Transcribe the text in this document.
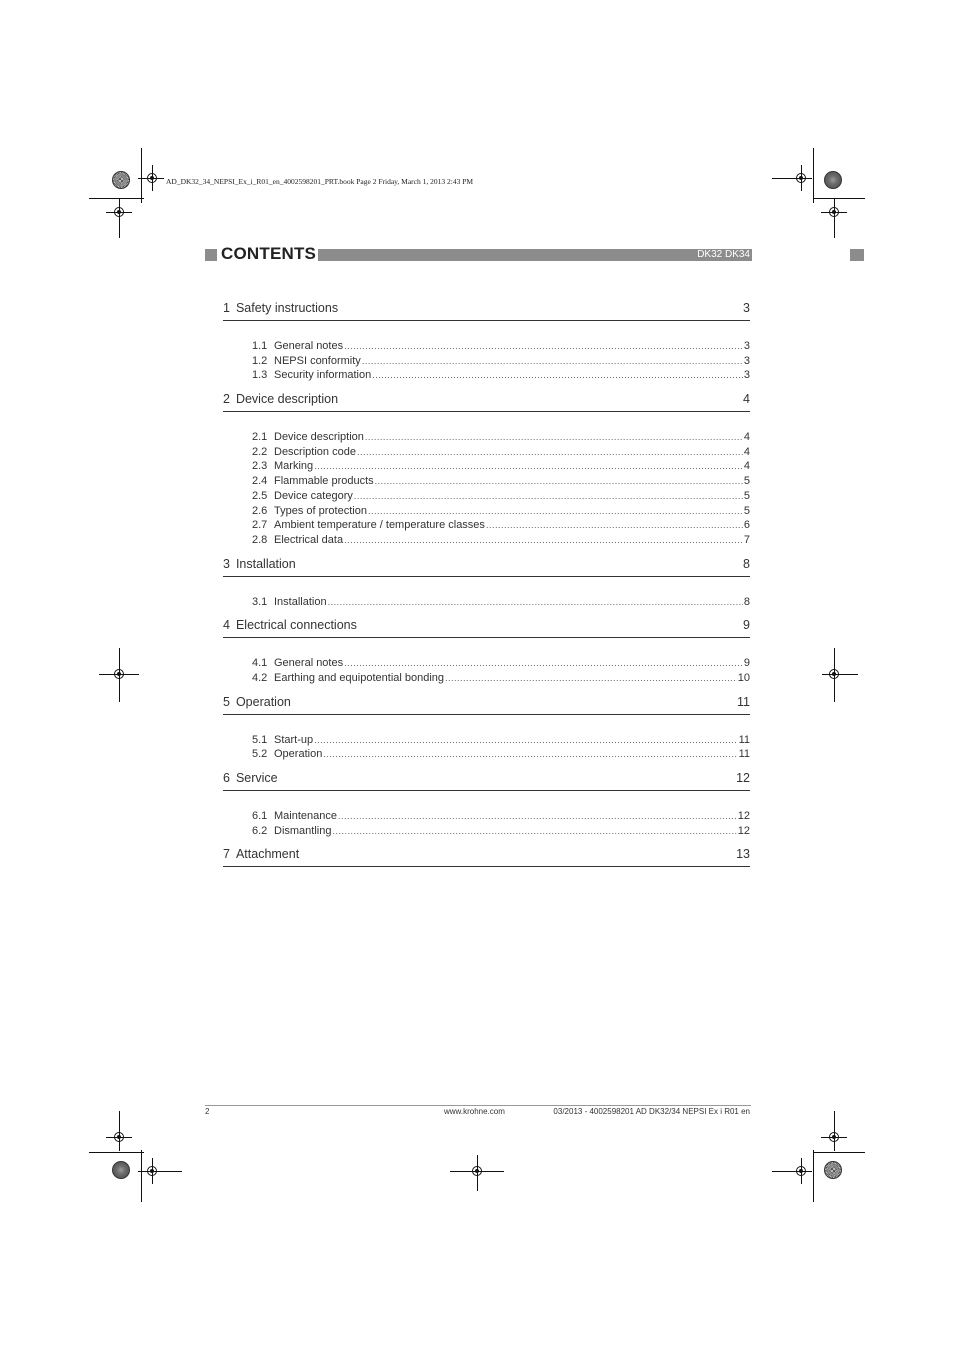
AD_DK32_34_NEPSI_Ex_i_R01_en_4002598201_PRT.book Page 2 Friday, March 1, 2013 2:43 PM
CONTENTS	DK32 DK34
1 Safety instructions	3
1.1 General notes .....	3
1.2 NEPSI conformity .....	3
1.3 Security information .....	3
2 Device description	4
2.1 Device description .....	4
2.2 Description code .....	4
2.3 Marking .....	4
2.4 Flammable products .....	5
2.5 Device category .....	5
2.6 Types of protection .....	5
2.7 Ambient temperature / temperature classes .....	6
2.8 Electrical data .....	7
3 Installation	8
3.1 Installation .....	8
4 Electrical connections	9
4.1 General notes .....	9
4.2 Earthing and equipotential bonding .....	10
5 Operation	11
5.1 Start-up .....	11
5.2 Operation .....	11
6 Service	12
6.1 Maintenance .....	12
6.2 Dismantling .....	12
7 Attachment	13
2	www.krohne.com	03/2013 - 4002598201 AD DK32/34 NEPSI Ex i R01 en
